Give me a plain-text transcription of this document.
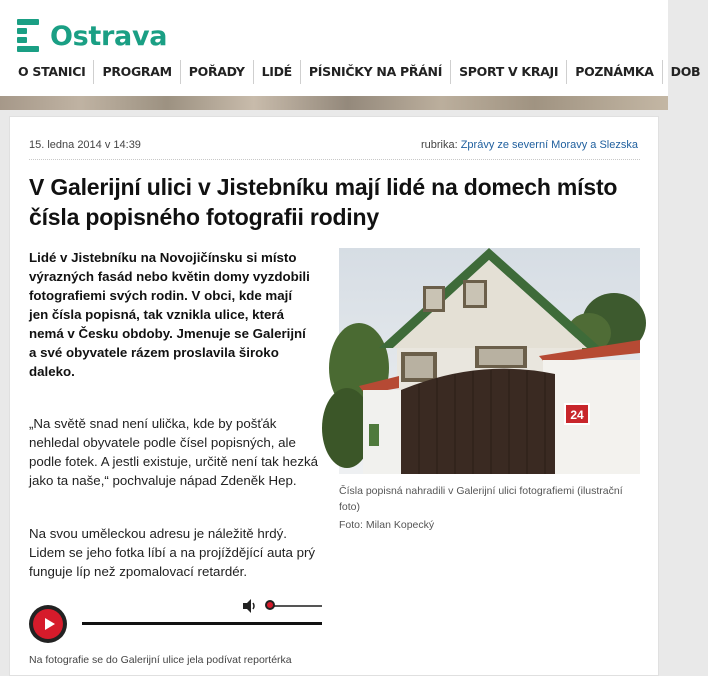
Ostrava
O STANICI	PROGRAM	POŘADY	LIDÉ	PÍSNIČKY NA PŘÁNÍ	SPORT V KRAJI	POZNÁMKA	DOB
15. ledna 2014 v 14:39	rubrika: Zprávy ze severní Moravy a Slezska
V Galerijní ulici v Jistebníku mají lidé na domech místo čísla popisného fotografii rodiny

Lidé v Jistebníku na Novojičínsku si místo výrazných fasád nebo květin domy vyzdobili fotografiemi svých rodin. V obci, kde mají jen čísla popisná, tak vznikla ulice, která nemá v Česku obdoby. Jmenuje se Galerijní a své obyvatele rázem proslavila široko daleko.

„Na světě snad není ulička, kde by pošťák nehledal obyvatele podle čísel popisných, ale podle fotek. A jestli existuje, určitě není tak hezká jako ta naše,“ pochvaluje nápad Zdeněk Hep.

Na svou uměleckou adresu je náležitě hrdý. Lidem se jeho fotka líbí a na projíždějící auta prý funguje líp než zpomalovací retardér.

24

Čísla popisná nahradili v Galerijní ulici fotografiemi (ilustrační foto)

Foto: Milan Kopecký
Na fotografie se do Galerijní ulice jela podívat reportérka
